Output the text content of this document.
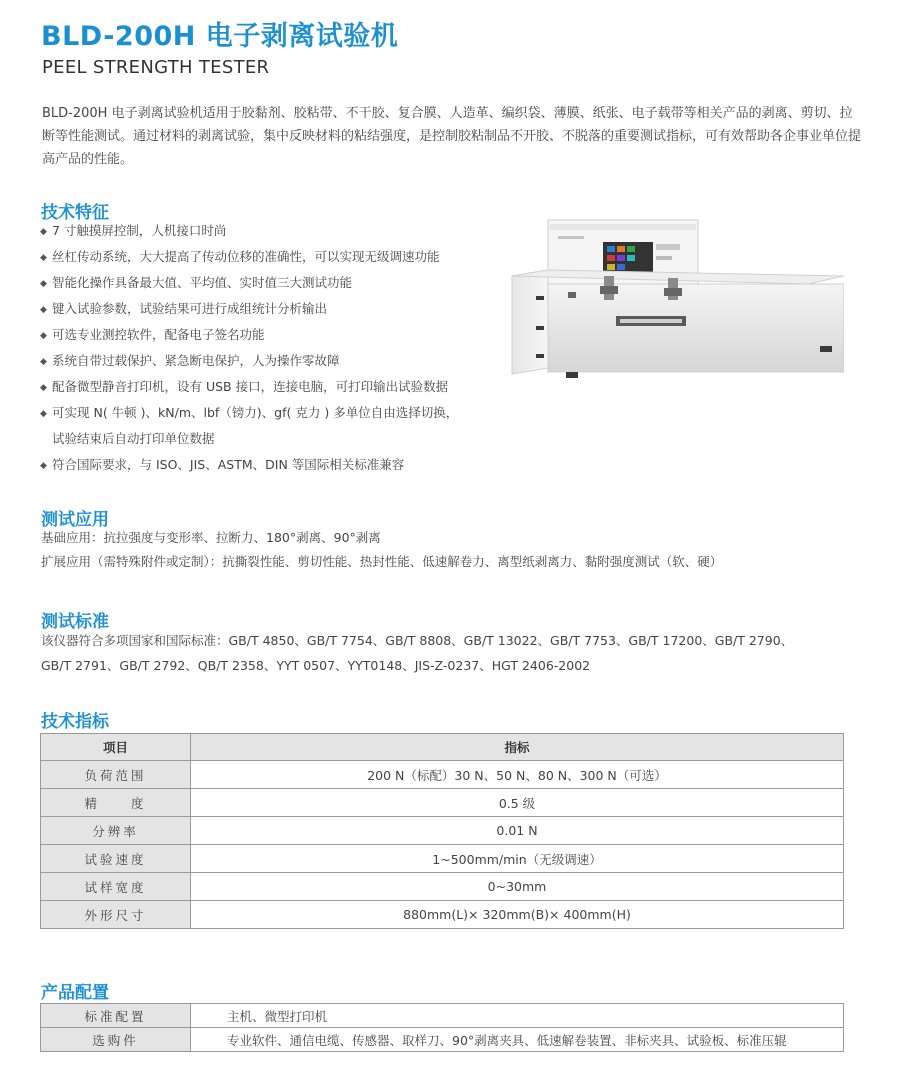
BLD-200H 电子剥离试验机
PEEL STRENGTH TESTER

BLD-200H 电子剥离试验机适用于胶黏剂、胶粘带、不干胶、复合膜、人造革、编织袋、薄膜、纸张、电子载带等相关产品的剥离、剪切、拉断等性能测试。通过材料的剥离试验，集中反映材料的粘结强度，是控制胶粘制品不开胶、不脱落的重要测试指标，可有效帮助各企事业单位提高产品的性能。

技术特征
◆ 7 寸触摸屏控制，人机接口时尚
◆ 丝杠传动系统，大大提高了传动位移的准确性，可以实现无级调速功能
◆ 智能化操作具备最大值、平均值、实时值三大测试功能
◆ 键入试验参数，试验结果可进行成组统计分析输出
◆ 可选专业测控软件，配备电子签名功能
◆ 系统自带过载保护、紧急断电保护，人为操作零故障
◆ 配备微型静音打印机，设有 USB 接口，连接电脑，可打印输出试验数据
◆ 可实现 N( 牛顿 )、kN/m、lbf（镑力)、gf( 克力 ) 多单位自由选择切换，
试验结束后自动打印单位数据
◆ 符合国际要求，与 ISO、JIS、ASTM、DIN 等国际相关标准兼容
测试应用
基础应用：抗拉强度与变形率、拉断力、180°剥离、90°剥离
扩展应用（需特殊附件或定制）：抗撕裂性能、剪切性能、热封性能、低速解卷力、离型纸剥离力、黏附强度测试（软、硬）
测试标准
该仪器符合多项国家和国际标准：GB/T 4850、GB/T 7754、GB/T 8808、GB/T 13022、GB/T 7753、GB/T 17200、GB/T 2790、
GB/T 2791、GB/T 2792、QB/T 2358、YYT 0507、YYT0148、JIS-Z-0237、HGT 2406-2002
技术指标
项目	指标
负荷范围	200 N（标配）30 N、50 N、80 N、300 N（可选）
精　　度	0.5 级
分辨率	0.01 N
试验速度	1~500mm/min（无级调速）
试样宽度	0~30mm
外形尺寸	880mm(L)× 320mm(B)× 400mm(H)
产品配置
标准配置	主机、微型打印机
选购件	专业软件、通信电缆、传感器、取样刀、90°剥离夹具、低速解卷装置、非标夹具、试验板、标准压辊
